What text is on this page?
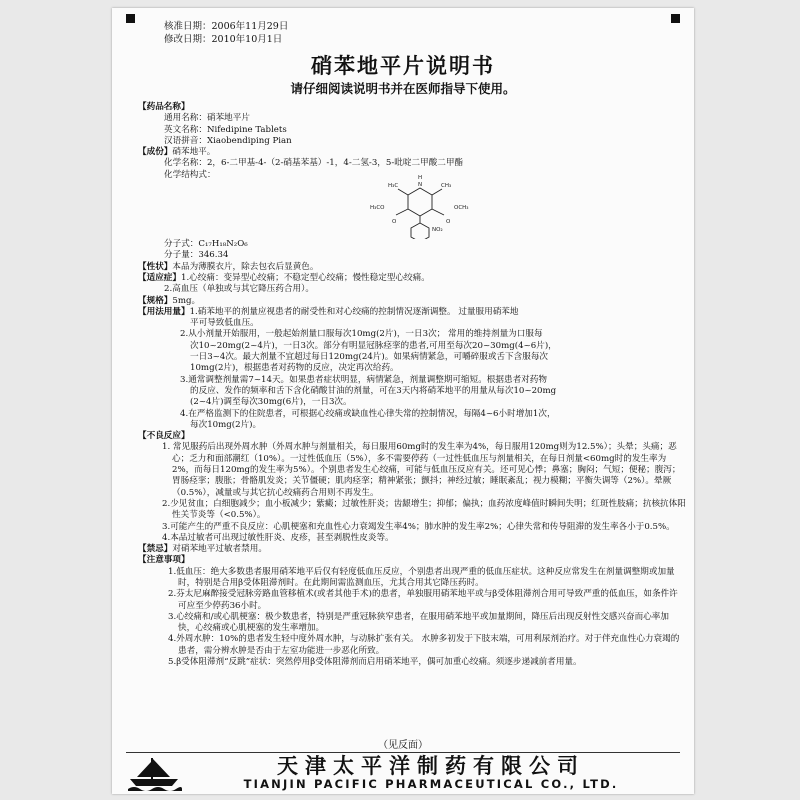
核准日期：2006年11月29日
修改日期：2010年10月1日
硝苯地平片说明书
请仔细阅读说明书并在医师指导下使用。
【药品名称】
通用名称：硝苯地平片
英文名称：Nifedipine Tablets
汉语拼音：Xiaobendiping Pian
【成份】硝苯地平。
化学名称：2，6-二甲基-4-（2-硝基苯基）-1，4-二氢-3，5-吡啶二甲酸二甲酯
化学结构式：
H₃C	CH₃
H
N
H₃CO	OCH₃
O	O
NO₂
分子式：C₁₇H₁₈N₂O₆
分子量：346.34
【性状】本品为薄膜衣片，除去包衣后显黄色。
【适应症】1.心绞痛：变异型心绞痛；不稳定型心绞痛；慢性稳定型心绞痛。
2.高血压（单独或与其它降压药合用）。
【规格】5mg。
【用法用量】1.硝苯地平的剂量应视患者的耐受性和对心绞痛的控制情况逐渐调整。 过量服用硝苯地
平可导致低血压。
2.从小剂量开始服用，一般起始剂量口服每次10mg(2片)，一日3次； 常用的维持剂量为口服每
次10~20mg(2~4片)，一日3次。部分有明显冠脉痉挛的患者,可用至每次20~30mg(4~6片)，
一日3~4次。最大剂量不宜超过每日120mg(24片)。如果病情紧急，可嚼碎服或舌下含服每次
10mg(2片)，根据患者对药物的反应，决定再次给药。
3.通常调整剂量需7~14天。如果患者症状明显，病情紧急，剂量调整期可缩短。根据患者对药物
的反应、发作的频率和舌下含化硝酸甘油的剂量，可在3天内将硝苯地平的用量从每次10~20mg
(2~4片)调至每次30mg(6片)，一日3次。
4.在严格监测下的住院患者，可根据心绞痛或缺血性心律失常的控制情况，每隔4~6小时增加1次，
每次10mg(2片)。
【不良反应】
1. 常见服药后出现外周水肿（外周水肿与剂量相关，每日服用60mg时的发生率为4%，每日服用120mg则为12.5%）；头晕；头痛；恶心；乏力和面部潮红（10%）。一过性低血压（5%），多不需要停药（一过性低血压与剂量相关，在每日剂量<60mg时的发生率为2%，而每日120mg的发生率为5%）。个别患者发生心绞痛，可能与低血压反应有关。还可见心悸；鼻塞；胸闷；气短；便秘；腹泻；胃肠痉挛；腹胀；骨骼肌发炎；关节僵硬；肌肉痉挛；精神紧张；颤抖；神经过敏；睡眠紊乱；视力模糊；平衡失调等（2%）。晕厥（0.5%），减量或与其它抗心绞痛药合用则不再发生。
2.少见贫血；白细胞减少；血小板减少；紫癜；过敏性肝炎；齿龈增生；抑郁；偏执；血药浓度峰值时瞬间失明；红斑性肢痛；抗核抗体阳性关节炎等（<0.5%）。
3.可能产生的严重不良反应：心肌梗塞和充血性心力衰竭发生率4%；肺水肿的发生率2%；心律失常和传导阻滞的发生率各小于0.5%。
4.本品过敏者可出现过敏性肝炎、皮疹，甚至剥脱性皮炎等。
【禁忌】对硝苯地平过敏者禁用。
【注意事项】
1.低血压：绝大多数患者服用硝苯地平后仅有轻度低血压反应，个别患者出现严重的低血压症状。这种反应常发生在剂量调整期或加量时，特别是合用β受体阻滞剂时。在此期间需监测血压，尤其合用其它降压药时。
2.芬太尼麻醉接受冠脉旁路血管移植术(或者其他手术)的患者，单独服用硝苯地平或与β受体阻滞剂合用可导致严重的低血压，如条件许可应至少停药36小时。
3.心绞痛和/或心肌梗塞：极少数患者，特别是严重冠脉狭窄患者，在服用硝苯地平或加量期间，降压后出现反射性交感兴奋而心率加快，心绞痛或心肌梗塞的发生率增加。
4.外周水肿：10%的患者发生轻中度外周水肿，与动脉扩张有关。 水肿多初发于下肢末端，可用利尿剂治疗。对于伴充血性心力衰竭的患者，需分辨水肿是否由于左室功能进一步恶化所致。
5.β受体阻滞剂“反跳”症状：突然停用β受体阻滞剂而启用硝苯地平，偶可加重心绞痛。须逐步递减前者用量。
（见反面）
天津太平洋制药有限公司
TIANJIN PACIFIC PHARMACEUTICAL CO., LTD.
